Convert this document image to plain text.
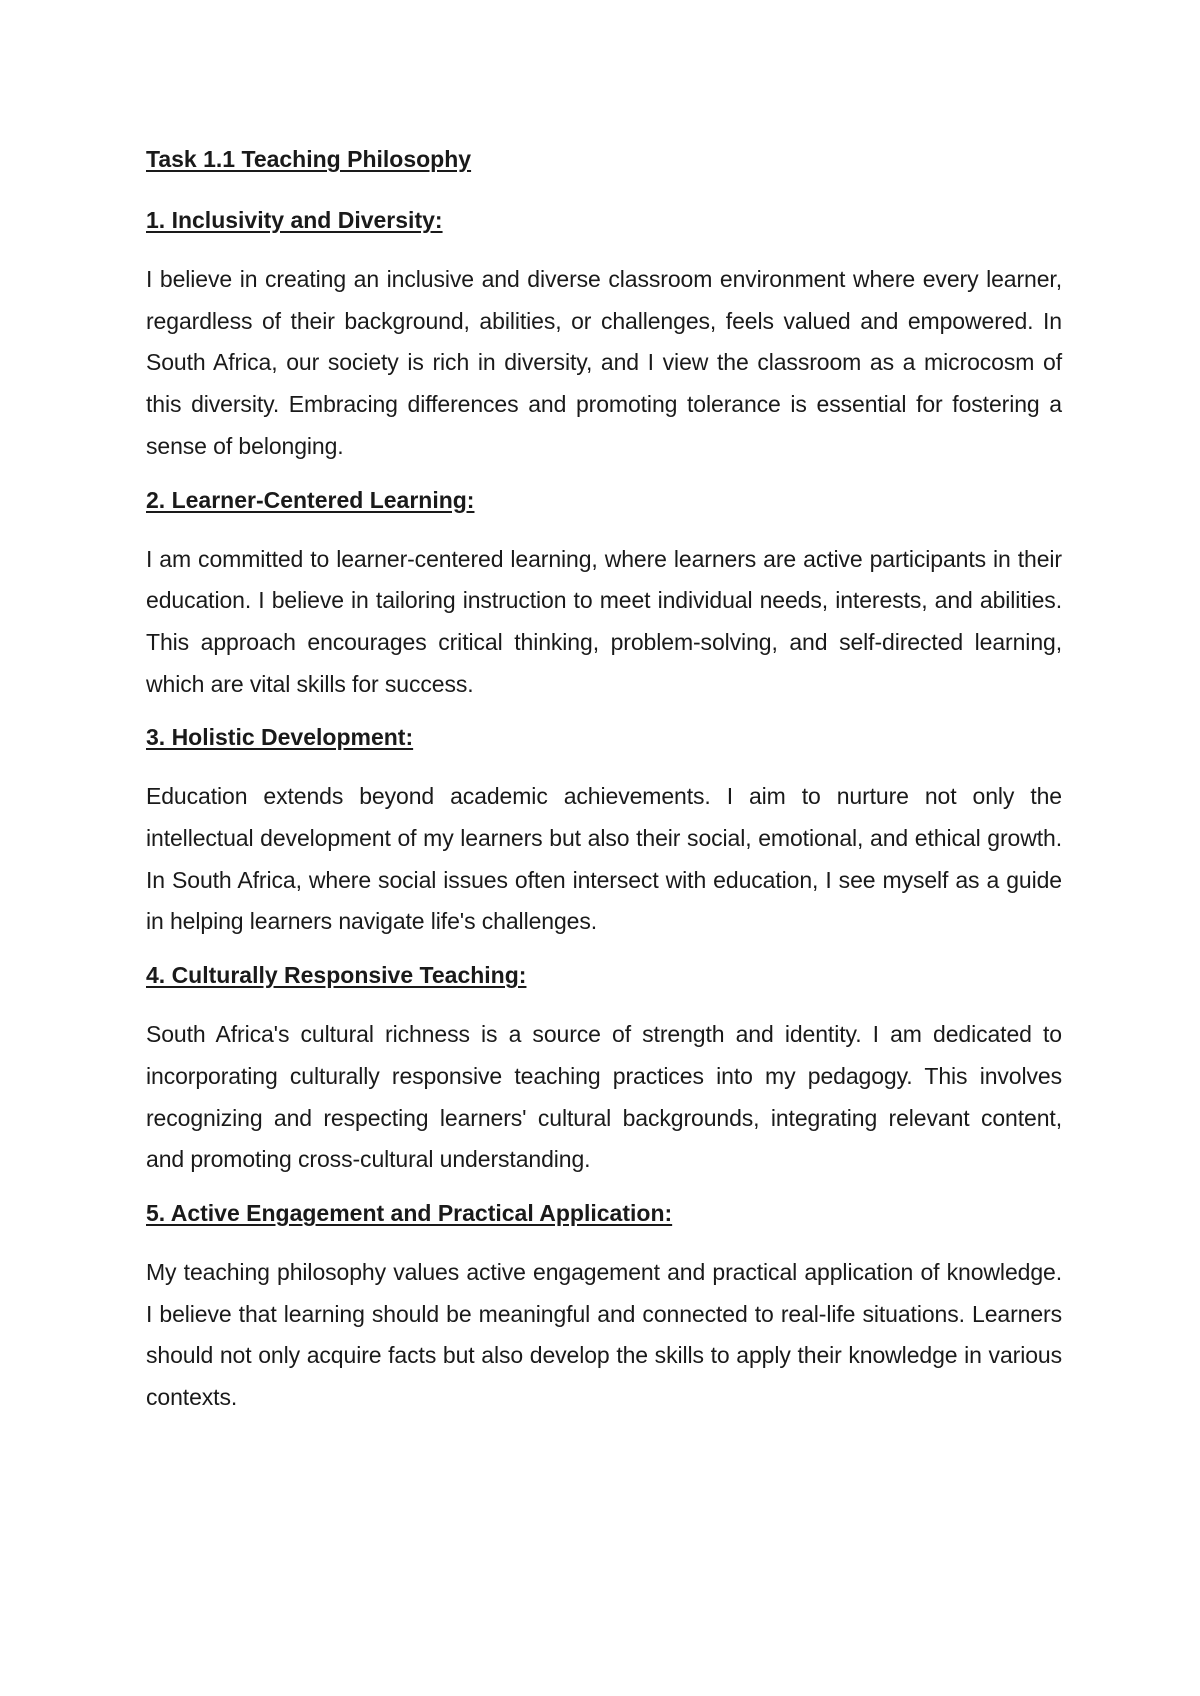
Task 1.1 Teaching Philosophy
1. Inclusivity and Diversity:

I believe in creating an inclusive and diverse classroom environment where every learner, regardless of their background, abilities, or challenges, feels valued and empowered. In South Africa, our society is rich in diversity, and I view the classroom as a microcosm of this diversity. Embracing differences and promoting tolerance is essential for fostering a sense of belonging.

2. Learner-Centered Learning:

I am committed to learner-centered learning, where learners are active participants in their education. I believe in tailoring instruction to meet individual needs, interests, and abilities. This approach encourages critical thinking, problem-solving, and self-directed learning, which are vital skills for success.

3. Holistic Development:

Education extends beyond academic achievements. I aim to nurture not only the intellectual development of my learners but also their social, emotional, and ethical growth. In South Africa, where social issues often intersect with education, I see myself as a guide in helping learners navigate life's challenges.

4. Culturally Responsive Teaching:

South Africa's cultural richness is a source of strength and identity. I am dedicated to incorporating culturally responsive teaching practices into my pedagogy. This involves recognizing and respecting learners' cultural backgrounds, integrating relevant content, and promoting cross-cultural understanding.

5. Active Engagement and Practical Application:

My teaching philosophy values active engagement and practical application of knowledge. I believe that learning should be meaningful and connected to real-life situations. Learners should not only acquire facts but also develop the skills to apply their knowledge in various contexts.
